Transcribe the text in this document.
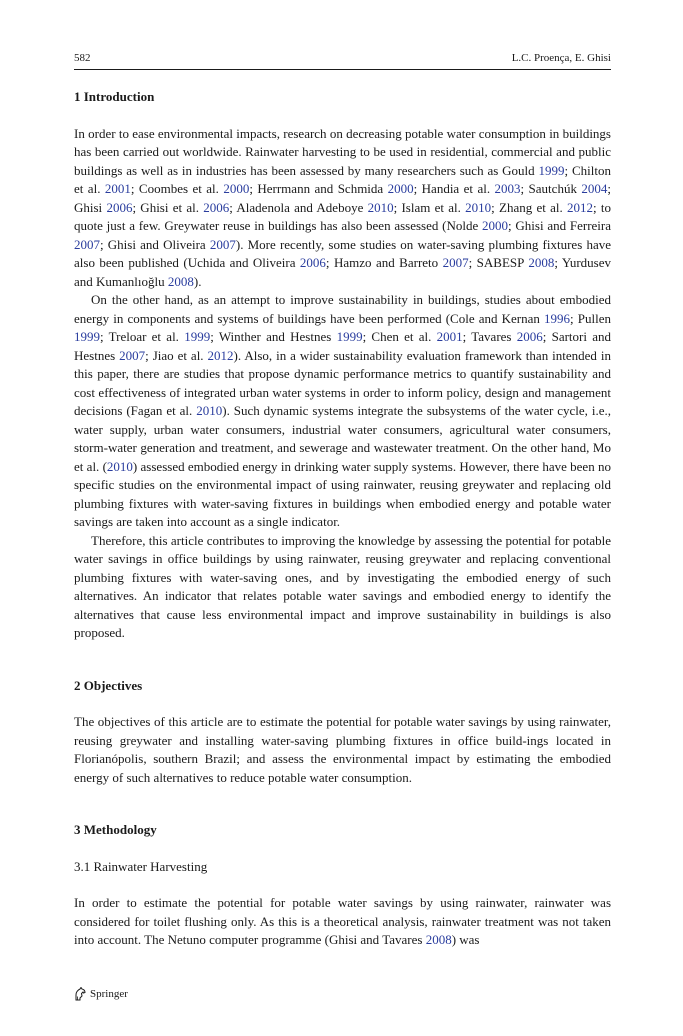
582	L.C. Proença, E. Ghisi
1 Introduction

In order to ease environmental impacts, research on decreasing potable water consumption in buildings has been carried out worldwide. Rainwater harvesting to be used in residential, commercial and public buildings as well as in industries has been assessed by many researchers such as Gould 1999; Chilton et al. 2001; Coombes et al. 2000; Herrmann and Schmida 2000; Handia et al. 2003; Sautchúk 2004; Ghisi 2006; Ghisi et al. 2006; Aladenola and Adeboye 2010; Islam et al. 2010; Zhang et al. 2012; to quote just a few. Greywater reuse in buildings has also been assessed (Nolde 2000; Ghisi and Ferreira 2007; Ghisi and Oliveira 2007). More recently, some studies on water-saving plumbing fixtures have also been published (Uchida and Oliveira 2006; Hamzo and Barreto 2007; SABESP 2008; Yurdusev and Kumanlıoğlu 2008).

On the other hand, as an attempt to improve sustainability in buildings, studies about embodied energy in components and systems of buildings have been performed (Cole and Kernan 1996; Pullen 1999; Treloar et al. 1999; Winther and Hestnes 1999; Chen et al. 2001; Tavares 2006; Sartori and Hestnes 2007; Jiao et al. 2012). Also, in a wider sustainability evaluation framework than intended in this paper, there are studies that propose dynamic performance metrics to quantify sustainability and cost effectiveness of integrated urban water systems in order to inform policy, design and management decisions (Fagan et al. 2010). Such dynamic systems integrate the subsystems of the water cycle, i.e., water supply, urban water consumers, industrial water consumers, agricultural water consumers, storm-water generation and treatment, and sewerage and wastewater treatment. On the other hand, Mo et al. (2010) assessed embodied energy in drinking water supply systems. However, there have been no specific studies on the environmental impact of using rainwater, reusing greywater and replacing old plumbing fixtures with water-saving fixtures in buildings when embodied energy and potable water savings are taken into account as a single indicator.

Therefore, this article contributes to improving the knowledge by assessing the potential for potable water savings in office buildings by using rainwater, reusing greywater and replacing conventional plumbing fixtures with water-saving ones, and by investigating the embodied energy of such alternatives. An indicator that relates potable water savings and embodied energy to identify the alternatives that cause less environmental impact and improve sustainability in buildings is also proposed.

2 Objectives

The objectives of this article are to estimate the potential for potable water savings by using rainwater, reusing greywater and installing water-saving plumbing fixtures in office build-ings located in Florianópolis, southern Brazil; and assess the environmental impact by estimating the embodied energy of such alternatives to reduce potable water consumption.

3 Methodology
3.1 Rainwater Harvesting

In order to estimate the potential for potable water savings by using rainwater, rainwater was considered for toilet flushing only. As this is a theoretical analysis, rainwater treatment was not taken into account. The Netuno computer programme (Ghisi and Tavares 2008) was

Springer
